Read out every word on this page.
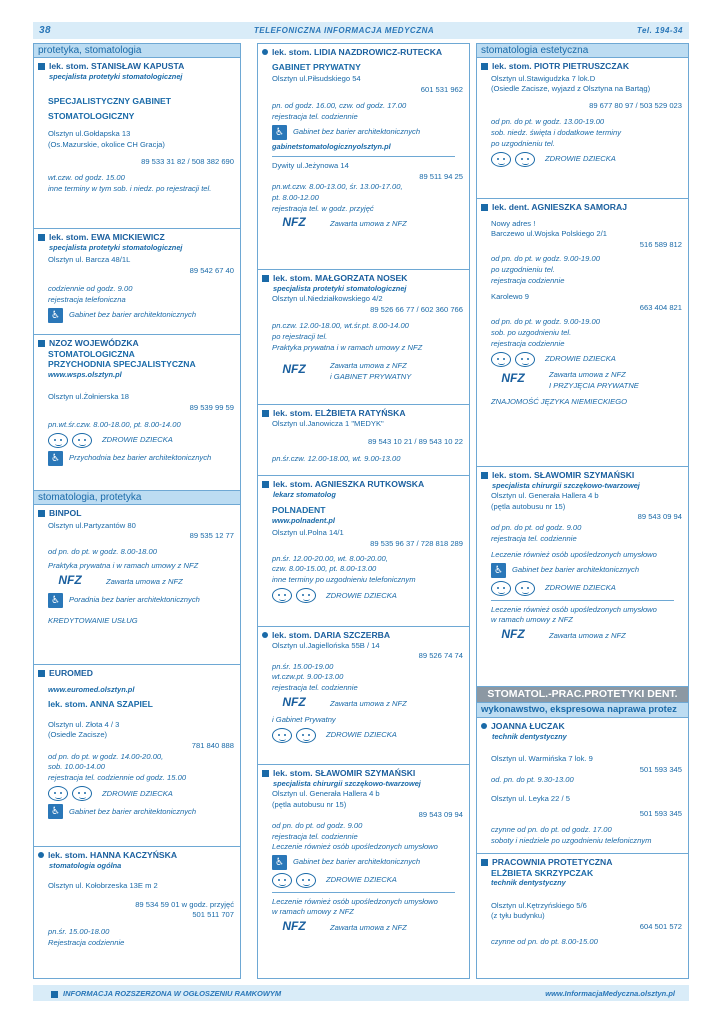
38	TELEFONICZNA INFORMACJA MEDYCZNA	Tel. 194-34
protetyka, stomatologia
lek. stom. STANISŁAW KAPUSTA
specjalista protetyki stomatologicznej
SPECJALISTYCZNY GABINET
STOMATOLOGICZNY
Olsztyn ul.Gołdapska 13
(Os.Mazurskie, okolice CH Gracja)
89 533 31 82 / 508 382 690
wt.czw. od godz. 15.00
inne terminy w tym sob. i niedz. po rejestracji tel.
lek. stom. EWA MICKIEWICZ
specjalista protetyki stomatologicznej
Olsztyn ul. Barcza 48/1L
89 542 67 40
codziennie od godz. 9.00
rejestracja telefoniczna
♿	Gabinet bez barier architektonicznych
NZOZ WOJEWÓDZKA
STOMATOLOGICZNA
PRZYCHODNIA SPECJALISTYCZNA
www.wsps.olsztyn.pl
Olsztyn ul.Żołnierska 18
89 539 99 59
pn.wt.śr.czw. 8.00-18.00, pt. 8.00-14.00
ZDROWIE DZIECKA
♿	Przychodnia bez barier architektonicznych
stomatologia, protetyka
BINPOL
Olsztyn ul.Partyzantów 80
89 535 12 77
od pn. do pt. w godz. 8.00-18.00
Praktyka prywatna i w ramach umowy z NFZ
NFZ
	Zawarta umowa z NFZ
♿	Poradnia bez barier architektonicznych
KREDYTOWANIE USŁUG
EUROMED
www.euromed.olsztyn.pl
lek. stom. ANNA SZAPIEL
Olsztyn ul. Złota 4 / 3
(Osiedle Zacisze)
781 840 888
od pn. do pt. w godz. 14.00-20.00,
sob. 10.00-14.00
rejestracja tel. codziennie od godz. 15.00
ZDROWIE DZIECKA
♿	Gabinet bez barier architektonicznych
lek. stom. HANNA KACZYŃSKA
stomatologia ogólna
Olsztyn ul. Kołobrzeska 13E m 2
89 534 59 01 w godz. przyjęć
501 511 707
pn.śr. 15.00-18.00
Rejestracja codziennie
lek. stom. LIDIA NAZDROWICZ-RUTECKA
GABINET PRYWATNY
Olsztyn ul.Piłsudskiego 54
601 531 962
pn. od godz. 16.00, czw. od godz. 17.00
rejestracja tel. codziennie
♿	Gabinet bez barier architektonicznych
gabinetstomatologicznyolsztyn.pl
Dywity ul.Jeżynowa 14
89 511 94 25
pn.wt.czw. 8.00-13.00, śr. 13.00-17.00,
pt. 8.00-12.00
rejestracja tel. w godz. przyjęć
NFZ
	Zawarta umowa z NFZ
lek. stom. MAŁGORZATA NOSEK
specjalista protetyki stomatologicznej
Olsztyn ul.Niedziałkowskiego 4/2
89 526 66 77 / 602 360 766
pn.czw. 12.00-18.00, wt.śr.pt. 8.00-14.00
po rejestracji tel.
Praktyka prywatna i w ramach umowy z NFZ
NFZ
	Zawarta umowa z NFZ
i GABINET PRYWATNY
lek. stom. ELŻBIETA RATYŃSKA
Olsztyn ul.Janowicza 1 "MEDYK"
89 543 10 21 / 89 543 10 22
pn.śr.czw. 12.00-18.00, wt. 9.00-13.00
lek. stom. AGNIESZKA RUTKOWSKA
lekarz stomatolog
POLNADENT
www.polnadent.pl
Olsztyn ul.Polna 14/1
89 535 96 37 / 728 818 289
pn.śr. 12.00-20.00, wt. 8.00-20.00,
czw. 8.00-15.00, pt. 8.00-13.00
inne terminy po uzgodnieniu telefonicznym
ZDROWIE DZIECKA
lek. stom. DARIA SZCZERBA
Olsztyn ul.Jagiellońska 55B / 14
89 526 74 74
pn.śr. 15.00-19.00
wt.czw.pt. 9.00-13.00
rejestracja tel. codziennie
NFZ
	Zawarta umowa z NFZ
i Gabinet Prywatny
ZDROWIE DZIECKA
lek. stom. SŁAWOMIR SZYMAŃSKI
specjalista chirurgii szczękowo-twarzowej
Olsztyn ul. Generała Hallera 4 b
(pętla autobusu nr 15)
89 543 09 94
od pn. do pt. od godz. 9.00
rejestracja tel. codziennie
Leczenie również osób upośledzonych umysłowo
♿	Gabinet bez barier architektonicznych
ZDROWIE DZIECKA
Leczenie również osób upośledzonych umysłowo
w ramach umowy z NFZ
NFZ
	Zawarta umowa z NFZ
stomatologia estetyczna
lek. stom. PIOTR PIETRUSZCZAK
Olsztyn ul.Stawigudzka 7 lok.D
(Osiedle Zacisze, wyjazd z Olsztyna na Bartąg)
89 677 80 97 / 503 529 023
od pn. do pt. w godz. 13.00-19.00
sob. niedz. święta i dodatkowe terminy
po uzgodnieniu tel.
ZDROWIE DZIECKA
lek. dent. AGNIESZKA SAMORAJ
Nowy adres !
Barczewo ul.Wojska Polskiego 2/1
516 589 812
od pn. do pt. w godz. 9.00-19.00
po uzgodnieniu tel.
rejestracja codziennie
Karolewo 9
663 404 821
od pn. do pt. w godz. 9.00-19.00
sob. po uzgodnieniu tel.
rejestracja codziennie
ZDROWIE DZIECKA
NFZ
	Zawarta umowa z NFZ
I PRZYJĘCIA PRYWATNE
ZNAJOMOŚĆ JĘZYKA NIEMIECKIEGO
lek. stom. SŁAWOMIR SZYMAŃSKI
specjalista chirurgii szczękowo-twarzowej
Olsztyn ul. Generała Hallera 4 b
(pętla autobusu nr 15)
89 543 09 94
od pn. do pt. od godz. 9.00
rejestracja tel. codziennie
Leczenie również osób upośledzonych umysłowo
♿	Gabinet bez barier architektonicznych
ZDROWIE DZIECKA
Leczenie również osób upośledzonych umysłowo
w ramach umowy z NFZ
NFZ
	Zawarta umowa z NFZ
STOMATOL.-PRAC.PROTETYKI DENT.
wykonawstwo, ekspresowa naprawa protez
JOANNA ŁUCZAK
technik dentystyczny
Olsztyn ul. Warmińska 7 lok. 9
501 593 345
od. pn. do pt. 9.30-13.00
Olsztyn ul. Leyka 22 / 5
501 593 345
czynne od pn. do pt. od godz. 17.00
soboty i niedziele po uzgodnieniu telefonicznym
PRACOWNIA PROTETYCZNA
ELŻBIETA SKRZYPCZAK
technik dentystyczny
Olsztyn ul.Kętrzyńskiego 5/6
(z tyłu budynku)
604 501 572
czynne od pn. do pt. 8.00-15.00
INFORMACJA ROZSZERZONA W OGŁOSZENIU RAMKOWYM	www.InformacjaMedyczna.olsztyn.pl
